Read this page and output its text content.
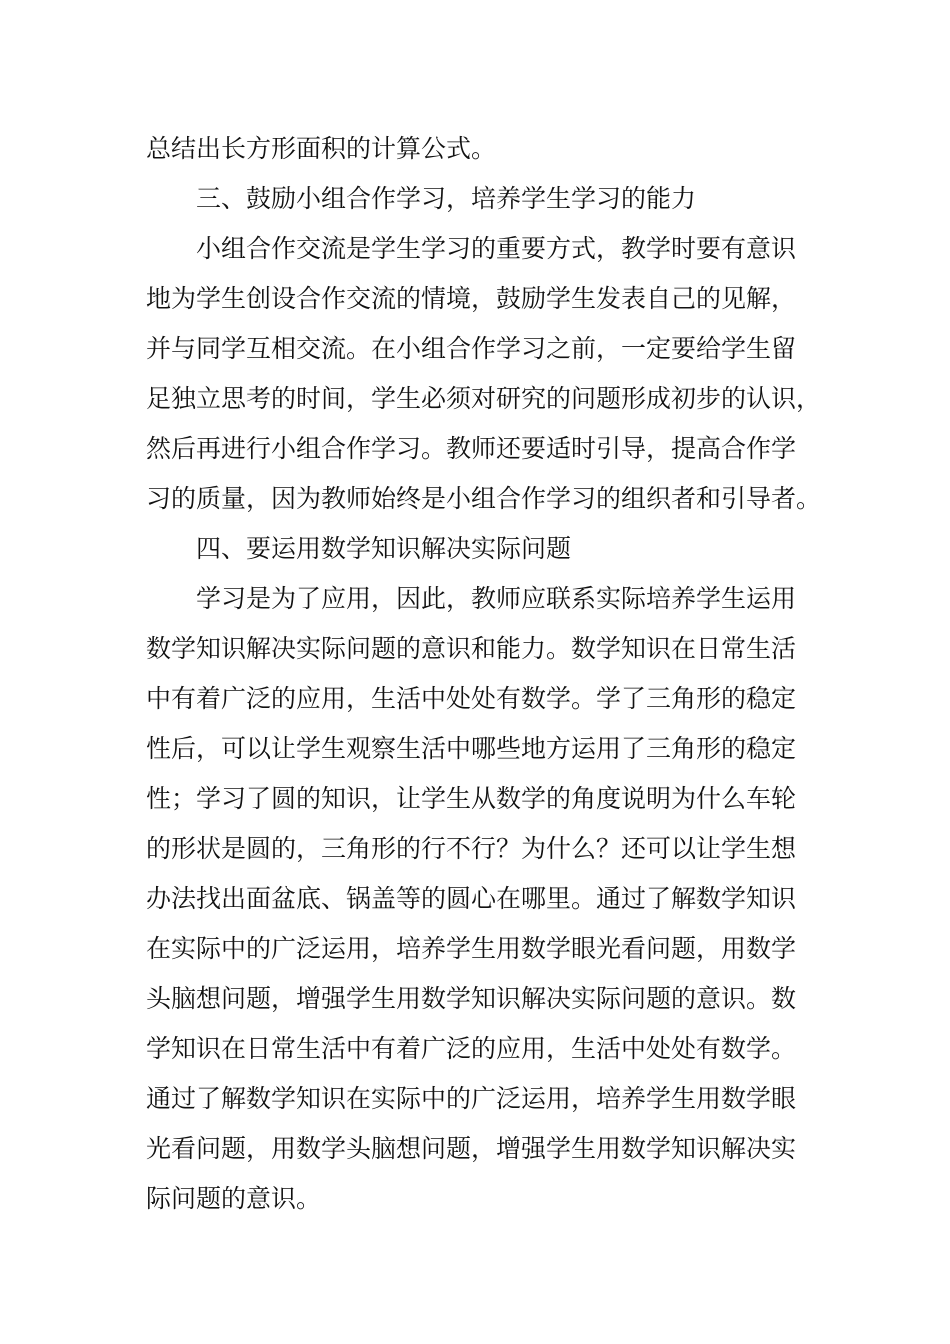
总结出长方形面积的计算公式。
三、鼓励小组合作学习，培养学生学习的能力
小组合作交流是学生学习的重要方式，教学时要有意识
地为学生创设合作交流的情境，鼓励学生发表自己的见解，
并与同学互相交流。在小组合作学习之前，一定要给学生留
足独立思考的时间，学生必须对研究的问题形成初步的认识，
然后再进行小组合作学习。教师还要适时引导，提高合作学
习的质量，因为教师始终是小组合作学习的组织者和引导者。
四、要运用数学知识解决实际问题
学习是为了应用，因此，教师应联系实际培养学生运用
数学知识解决实际问题的意识和能力。数学知识在日常生活
中有着广泛的应用，生活中处处有数学。学了三角形的稳定
性后，可以让学生观察生活中哪些地方运用了三角形的稳定
性；学习了圆的知识，让学生从数学的角度说明为什么车轮
的形状是圆的，三角形的行不行？为什么？还可以让学生想
办法找出面盆底、锅盖等的圆心在哪里。通过了解数学知识
在实际中的广泛运用，培养学生用数学眼光看问题，用数学
头脑想问题，增强学生用数学知识解决实际问题的意识。数
学知识在日常生活中有着广泛的应用，生活中处处有数学。
通过了解数学知识在实际中的广泛运用，培养学生用数学眼
光看问题，用数学头脑想问题，增强学生用数学知识解决实
际问题的意识。
